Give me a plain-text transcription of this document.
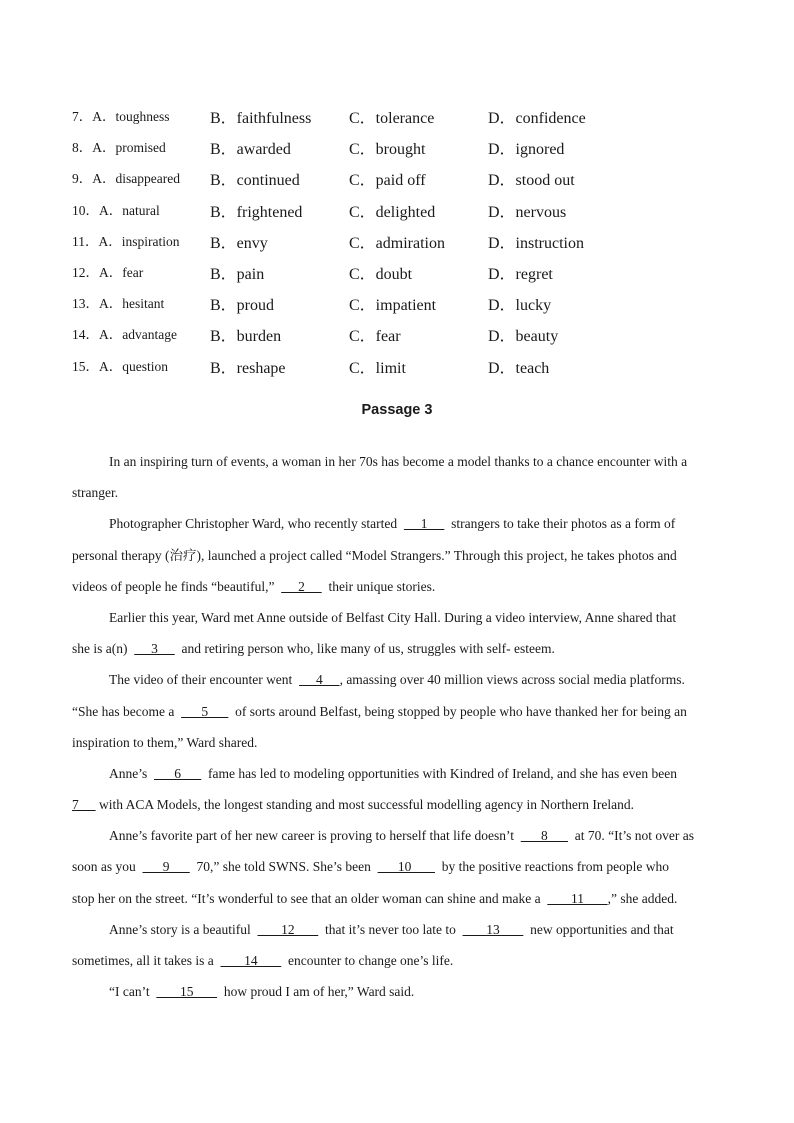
7．A．toughness	B．faithfulness C．tolerance	D．confidence
8．A．promised	B．awarded	C．brought	D．ignored
9．A．disappeared B．continued	C．paid off	D．stood out
10．A．natural	B．frightened	C．delighted	D．nervous
11．A．inspiration B．envy	C．admiration	D．instruction
12．A．fear	B．pain	C．doubt	D．regret
13．A．hesitant	B．proud	C．impatient	D．lucky
14．A．advantage B．burden	C．fear	D．beauty
15．A．question	B．reshape	C．limit	D．teach
Passage 3
In an inspiring turn of events, a woman in her 70s has become a model thanks to a chance encounter with a
stranger.
Photographer Christopher Ward, who recently started       1       strangers to take their photos as a form of
personal therapy (治疗), launched a project called “Model Strangers.” Through this project, he takes photos and
videos of people he finds “beautiful,”       2       their unique stories.
Earlier this year, Ward met Anne outside of Belfast City Hall. During a video interview, Anne shared that
she is a(n)       3       and retiring person who, like many of us, struggles with self- esteem.
The video of their encounter went       4     , amassing over 40 million views across social media platforms.
“She has become a        5        of sorts around Belfast, being stopped by people who have thanked her for being an
inspiration to them,” Ward shared.
Anne’s        6        fame has led to modeling opportunities with Kindred of Ireland, and she has even been
7      with ACA Models, the longest standing and most successful modelling agency in Northern Ireland.
Anne’s favorite part of her new career is proving to herself that life doesn’t        8        at 70. “It’s not over as
soon as you        9        70,” she told SWNS. She’s been        10         by the positive reactions from people who
stop her on the street. “It’s wonderful to see that an older woman can shine and make a         11       ,” she added.
Anne’s story is a beautiful         12         that it’s never too late to         13         new opportunities and that
sometimes, all it takes is a         14         encounter to change one’s life.
“I can’t         15         how proud I am of her,” Ward said.
